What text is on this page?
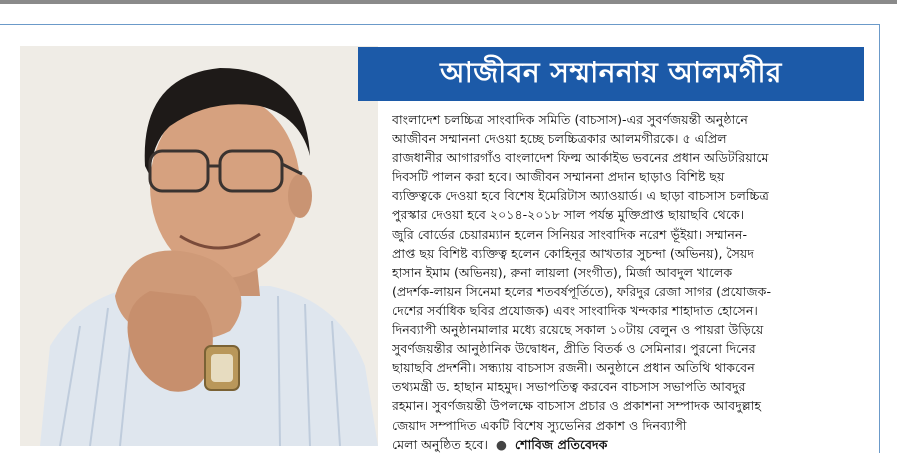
আজীবন সম্মাননায় আলমগীর
বাংলাদেশ চলচ্চিত্র সাংবাদিক সমিতি (বাচসাস)-এর সুবর্ণজয়ন্তী অনুষ্ঠানে
আজীবন সম্মাননা দেওয়া হচ্ছে চলচ্চিত্রকার আলমগীরকে। ৫ এপ্রিল
রাজধানীর আগারগাঁও বাংলাদেশ ফিল্ম আর্কাইভ ভবনের প্রধান অডিটরিয়ামে
দিবসটি পালন করা হবে। আজীবন সম্মাননা প্রদান ছাড়াও বিশিষ্ট ছয়
ব্যক্তিত্বকে দেওয়া হবে বিশেষ ইমেরিটাস অ্যাওয়ার্ড। এ ছাড়া বাচসাস চলচ্চিত্র
পুরস্কার দেওয়া হবে ২০১৪-২০১৮ সাল পর্যন্ত মুক্তিপ্রাপ্ত ছায়াছবি থেকে।
জুরি বোর্ডের চেয়ারম্যান হলেন সিনিয়র সাংবাদিক নরেশ ভূঁইয়া। সম্মানন-
প্রাপ্ত ছয় বিশিষ্ট ব্যক্তিত্ব হলেন কোহিনূর আখতার সুচন্দা (অভিনয়), সৈয়দ
হাসান ইমাম (অভিনয়), রুনা লায়লা (সংগীত), মির্জা আবদুল খালেক
(প্রদর্শক-লায়ন সিনেমা হলের শতবর্ষপূর্তিতে), ফরিদুর রেজা সাগর (প্রযোজক-
দেশের সর্বাধিক ছবির প্রযোজক) এবং সাংবাদিক খন্দকার শাহাদাত হোসেন।
দিনব্যাপী অনুষ্ঠানমালার মধ্যে রয়েছে সকাল ১০টায় বেলুন ও পায়রা উড়িয়ে
সুবর্ণজয়ন্তীর আনুষ্ঠানিক উদ্বোধন, প্রীতি বিতর্ক ও সেমিনার। পুরনো দিনের
ছায়াছবি প্রদর্শনী। সন্ধ্যায় বাচসাস রজনী। অনুষ্ঠানে প্রধান অতিথি থাকবেন
তথ্যমন্ত্রী ড. হাছান মাহমুদ। সভাপতিত্ব করবেন বাচসাস সভাপতি আবদুর
রহমান। সুবর্ণজয়ন্তী উপলক্ষে বাচসাস প্রচার ও প্রকাশনা সম্পাদক আবদুল্লাহ
জেয়াদ সম্পাদিত একটি বিশেষ স্যুভেনির প্রকাশ ও দিনব্যাপী
মেলা অনুষ্ঠিত হবে। ● শোবিজ প্রতিবেদক
